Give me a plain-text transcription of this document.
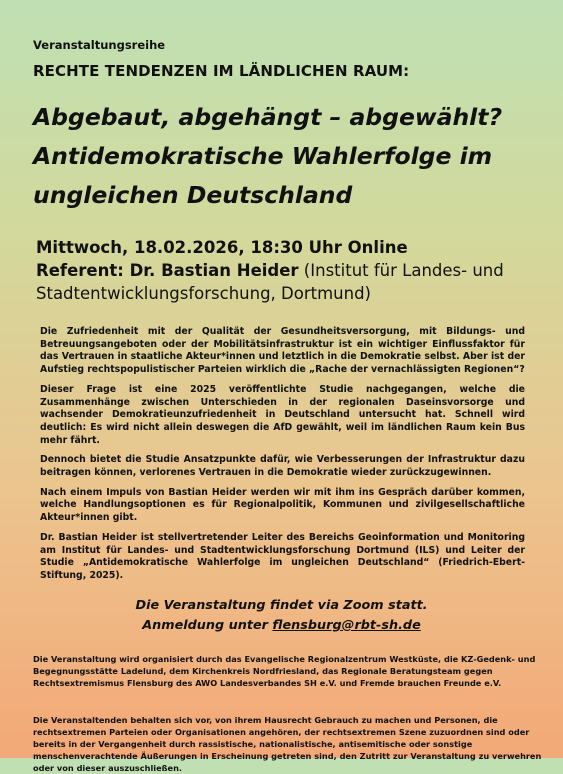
Veranstaltungsreihe
RECHTE TENDENZEN IM LÄNDLICHEN RAUM:
Abgebaut, abgehängt – abgewählt?
Antidemokratische Wahlerfolge im
ungleichen Deutschland
Mittwoch, 18.02.2026, 18:30 Uhr Online
Referent: Dr. Bastian Heider (Institut für Landes- und
Stadtentwicklungsforschung, Dortmund)

Die Zufriedenheit mit der Qualität der Gesundheitsversorgung, mit Bildungs- und Betreuungsangeboten oder der Mobilitätsinfrastruktur ist ein wichtiger Einflussfaktor für das Vertrauen in staatliche Akteur*innen und letztlich in die Demokratie selbst. Aber ist der Aufstieg rechtspopulistischer Parteien wirklich die „Rache der vernachlässigten Regionen“?

Dieser Frage ist eine 2025 veröffentlichte Studie nachgegangen, welche die Zusammenhänge zwischen Unterschieden in der regionalen Daseinsvorsorge und wachsender Demokratieunzufriedenheit in Deutschland untersucht hat. Schnell wird deutlich: Es wird nicht allein deswegen die AfD gewählt, weil im ländlichen Raum kein Bus mehr fährt.

Dennoch bietet die Studie Ansatzpunkte dafür, wie Verbesserungen der Infrastruktur dazu beitragen können, verlorenes Vertrauen in die Demokratie wieder zurückzugewinnen.

Nach einem Impuls von Bastian Heider werden wir mit ihm ins Gespräch darüber kommen, welche Handlungsoptionen es für Regionalpolitik, Kommunen und zivilgesellschaftliche Akteur*innen gibt.

Dr. Bastian Heider ist stellvertretender Leiter des Bereichs Geoinformation und Monitoring am Institut für Landes- und Stadtentwicklungsforschung Dortmund (ILS) und Leiter der Studie „Antidemokratische Wahlerfolge im ungleichen Deutschland“ (Friedrich-Ebert-Stiftung, 2025).

Die Veranstaltung findet via Zoom statt.
Anmeldung unter flensburg@rbt-sh.de
Die Veranstaltung wird organisiert durch das Evangelische Regionalzentrum Westküste, die KZ-Gedenk- und Begegnungsstätte Ladelund, dem Kirchenkreis Nordfriesland, das Regionale Beratungsteam gegen Rechtsextremismus Flensburg des AWO Landesverbandes SH e.V. und Fremde brauchen Freunde e.V.
Die Veranstaltenden behalten sich vor, von ihrem Hausrecht Gebrauch zu machen und Personen, die rechtsextremen Parteien oder Organisationen angehören, der rechtsextremen Szene zuzuordnen sind oder bereits in der Vergangenheit durch rassistische, nationalistische, antisemitische oder sonstige menschenverachtende Äußerungen in Erscheinung getreten sind, den Zutritt zur Veranstaltung zu verwehren oder von dieser auszuschließen.
